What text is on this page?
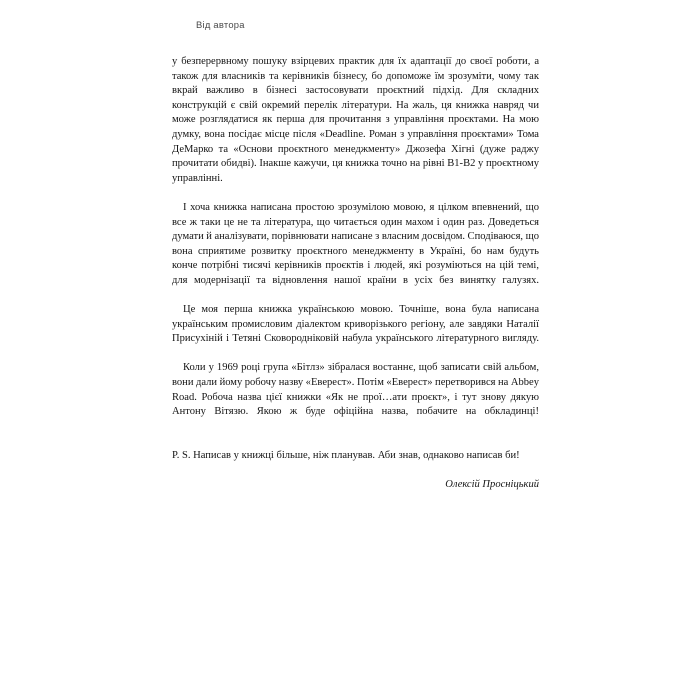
Від автора

у безперервному пошуку взірцевих практик для їх адаптації до своєї роботи, а також для власників та керівників бізнесу, бо допоможе їм зрозуміти, чому так вкрай важливо в бізнесі застосовувати проєктний підхід. Для складних конструкцій є свій окремий перелік літератури. На жаль, ця книжка навряд чи може розглядатися як перша для прочитання з управління проєктами. На мою думку, вона посідає місце після «Deadline. Роман з управління проєктами» Тома ДеМарко та «Основи проєктного менеджменту» Джозефа Хігні (дуже раджу прочитати обидві). Інакше кажучи, ця книжка точно на рівні B1-B2 у проєктному управлінні.

І хоча книжка написана простою зрозумілою мовою, я цілком впевнений, що все ж таки це не та література, що читається один махом і один раз. Доведеться думати й аналізувати, порівнювати написане з власним досвідом. Сподіваюся, що вона сприятиме розвитку проєктного менеджменту в Україні, бо нам будуть конче потрібні тисячі керівників проєктів і людей, які розуміються на цій темі, для модернізації та відновлення нашої країни в усіх без винятку галузях.

Це моя перша книжка українською мовою. Точніше, вона була написана українським промисловим діалектом криворізького регіону, але завдяки Наталії Присухіній і Тетяні Сковородніковій набула українського літературного вигляду.

Коли у 1969 році група «Бітлз» зібралася востаннє, щоб записати свій альбом, вони дали йому робочу назву «Еверест». Потім «Еверест» перетворився на Abbey Road. Робоча назва цієї книжки «Як не прої…ати проєкт», і тут знову дякую Антону Вітязю. Якою ж буде офіційна назва, побачите на обкладинці!

P. S. Написав у книжці більше, ніж планував. Аби знав, однаково написав би!

Олексій Просніцький
